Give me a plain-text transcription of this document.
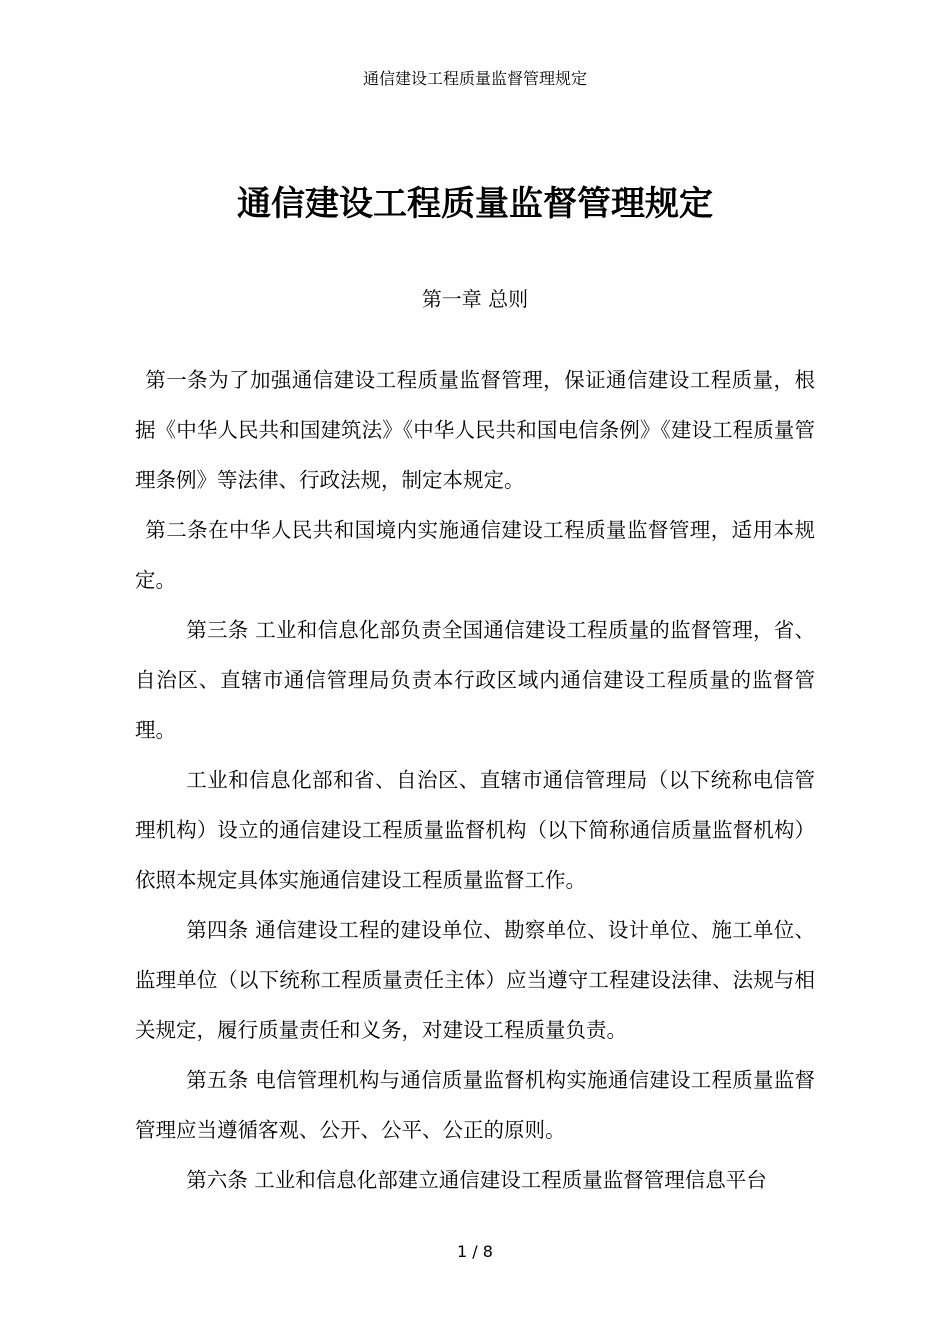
通信建设工程质量监督管理规定
通信建设工程质量监督管理规定
第一章 总则

第一条为了加强通信建设工程质量监督管理，保证通信建设工程质量，根据《中华人民共和国建筑法》《中华人民共和国电信条例》《建设工程质量管理条例》等法律、行政法规，制定本规定。

第二条在中华人民共和国境内实施通信建设工程质量监督管理，适用本规定。

第三条 工业和信息化部负责全国通信建设工程质量的监督管理，省、自治区、直辖市通信管理局负责本行政区域内通信建设工程质量的监督管理。

工业和信息化部和省、自治区、直辖市通信管理局（以下统称电信管理机构）设立的通信建设工程质量监督机构（以下简称通信质量监督机构）依照本规定具体实施通信建设工程质量监督工作。

第四条 通信建设工程的建设单位、勘察单位、设计单位、施工单位、监理单位（以下统称工程质量责任主体）应当遵守工程建设法律、法规与相关规定，履行质量责任和义务，对建设工程质量负责。

第五条 电信管理机构与通信质量监督机构实施通信建设工程质量监督管理应当遵循客观、公开、公平、公正的原则。

第六条 工业和信息化部建立通信建设工程质量监督管理信息平台

1 / 8
